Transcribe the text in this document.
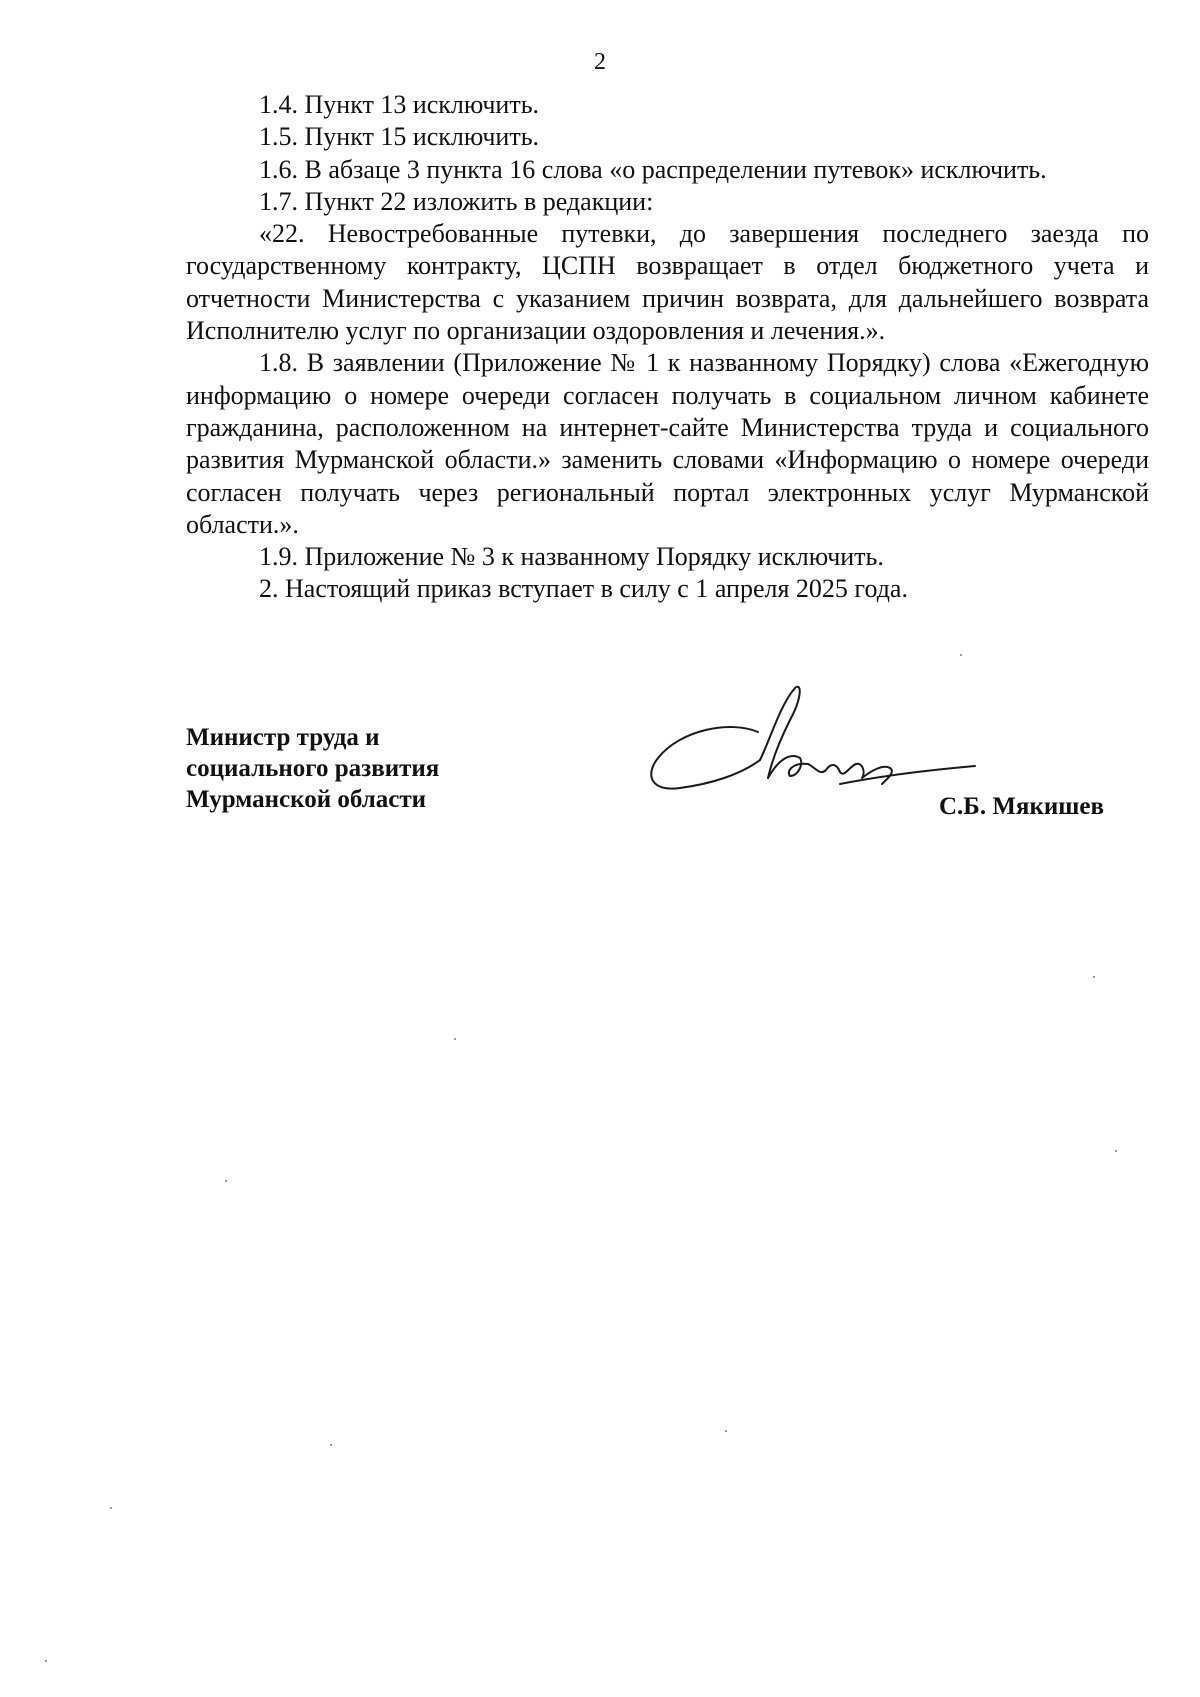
2

1.4. Пункт 13 исключить.

1.5. Пункт 15 исключить.

1.6. В абзаце 3 пункта 16 слова «о распределении путевок» исключить.

1.7. Пункт 22 изложить в редакции:

«22. Невостребованные путевки, до завершения последнего заезда по государственному контракту, ЦСПН возвращает в отдел бюджетного учета и отчетности Министерства с указанием причин возврата, для дальнейшего возврата Исполнителю услуг по организации оздоровления и лечения.».

1.8. В заявлении (Приложение № 1 к названному Порядку) слова «Ежегодную информацию о номере очереди согласен получать в социальном личном кабинете гражданина, расположенном на интернет-сайте Министерства труда и социального развития Мурманской области.» заменить словами «Информацию о номере очереди согласен получать через региональный портал электронных услуг Мурманской области.».

1.9. Приложение № 3 к названному Порядку исключить.

2. Настоящий приказ вступает в силу с 1 апреля 2025 года.

Министр труда и
социального развития
Мурманской области	С.Б. Мякишев
